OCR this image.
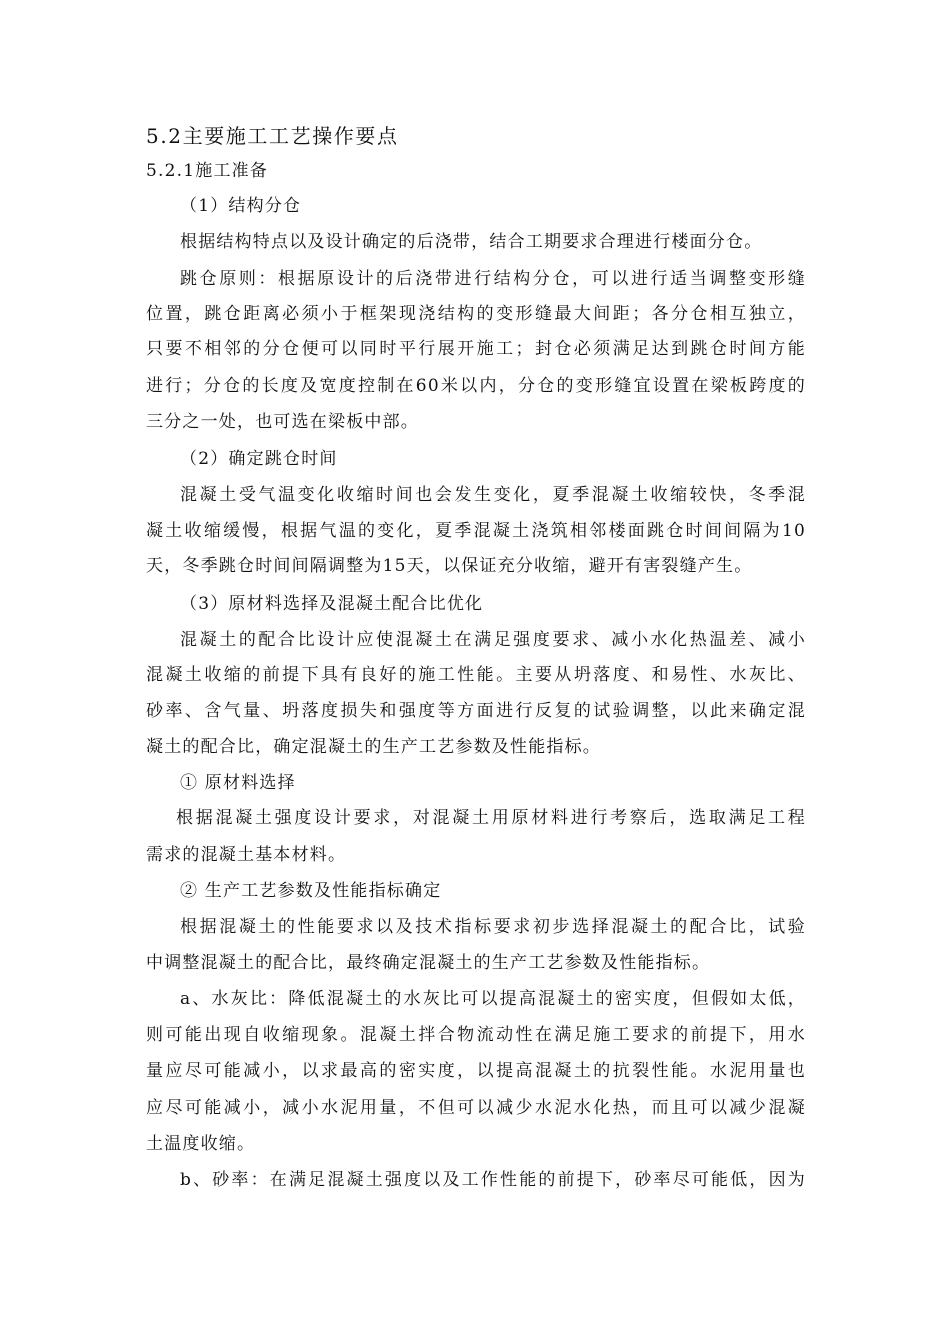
5.2主要施工工艺操作要点
5.2.1施工准备
（1）结构分仓
根据结构特点以及设计确定的后浇带，结合工期要求合理进行楼面分仓。
跳仓原则：根据原设计的后浇带进行结构分仓，可以进行适当调整变形缝
位置，跳仓距离必须小于框架现浇结构的变形缝最大间距；各分仓相互独立，
只要不相邻的分仓便可以同时平行展开施工；封仓必须满足达到跳仓时间方能
进行；分仓的长度及宽度控制在60米以内，分仓的变形缝宜设置在梁板跨度的
三分之一处，也可选在梁板中部。
（2）确定跳仓时间
混凝土受气温变化收缩时间也会发生变化，夏季混凝土收缩较快，冬季混
凝土收缩缓慢，根据气温的变化，夏季混凝土浇筑相邻楼面跳仓时间间隔为10
天，冬季跳仓时间间隔调整为15天，以保证充分收缩，避开有害裂缝产生。
（3）原材料选择及混凝土配合比优化
混凝土的配合比设计应使混凝土在满足强度要求、减小水化热温差、减小
混凝土收缩的前提下具有良好的施工性能。主要从坍落度、和易性、水灰比、
砂率、含气量、坍落度损失和强度等方面进行反复的试验调整，以此来确定混
凝土的配合比，确定混凝土的生产工艺参数及性能指标。
① 原材料选择
根据混凝土强度设计要求，对混凝土用原材料进行考察后，选取满足工程
需求的混凝土基本材料。
② 生产工艺参数及性能指标确定
根据混凝土的性能要求以及技术指标要求初步选择混凝土的配合比，试验
中调整混凝土的配合比，最终确定混凝土的生产工艺参数及性能指标。
a、水灰比：降低混凝土的水灰比可以提高混凝土的密实度，但假如太低，
则可能出现自收缩现象。混凝土拌合物流动性在满足施工要求的前提下，用水
量应尽可能减小，以求最高的密实度，以提高混凝土的抗裂性能。水泥用量也
应尽可能减小，减小水泥用量，不但可以减少水泥水化热，而且可以减少混凝
土温度收缩。
b、砂率：在满足混凝土强度以及工作性能的前提下，砂率尽可能低，因为
